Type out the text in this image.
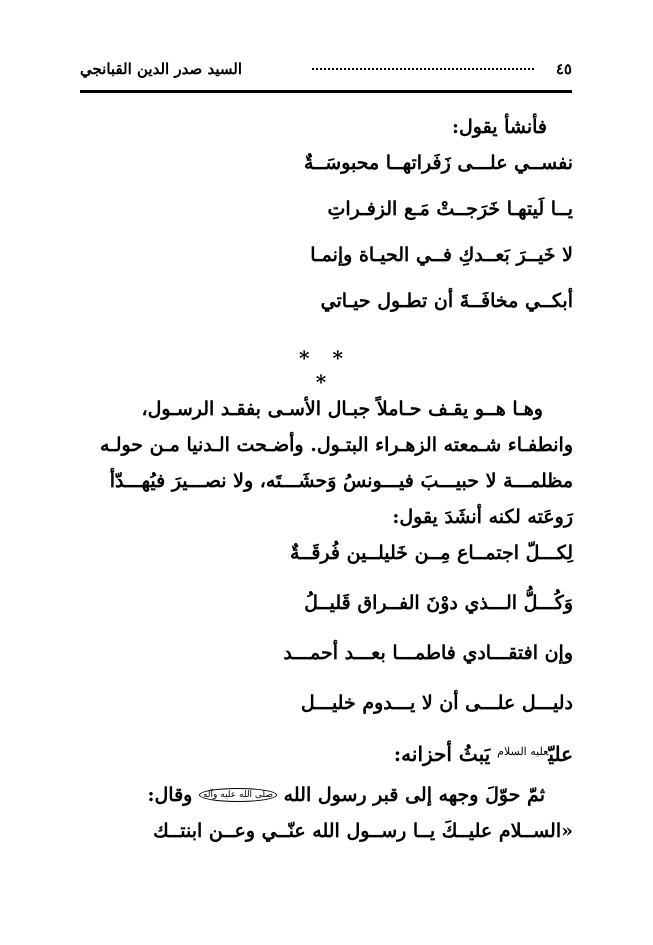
٤٥
السيد صدر الدين القبانجي
فأنشأ يقول:
نفســي علـــى زَفَراتهــا محبوسَــةٌ
يــا لَيتهـا خَرَجــتْ مَـع الزفـراتِ
لا خَيــرَ بَعــدكِ فــي الحيـاة وإنمـا
أبكــي مخافَــةَ أن تطـول حيـاتي
* * *
وهـا هــو يقـف حـاملاً جبـال الأسـى بفقـد الرسـول،
وانطفـاء شـمعته الزهـراء البتـول. وأضـحت الـدنيا مـن حولـه
مظلمـــة لا حبيـــبَ فيـــونسُ وَحشَـــتَه، ولا نصـــيرَ فيُهـــدّأ
رَوعَته لكنه أنشَدَ يقول:
لِكـــلّ اجتمــاع مِــن خَليلــين فُرقَــةٌ
وَكُـــلُّ الـــذي دوْنَ الفــراق قَليــلُ
وإن افتقـــادي فاطمـــا بعـــد أحمـــد
دليـــل علـــى أن لا يـــدوم خليـــل
عليّ$^{عليه السلام}$ يَبثُ أحزانه:
ثمّ حوّلَ وجهه إلى قبر رسول الله صلى الله عليه وآله وقال:
«الســلام عليــكَ يــا رســول الله عنّــي وعــن ابنتــك
